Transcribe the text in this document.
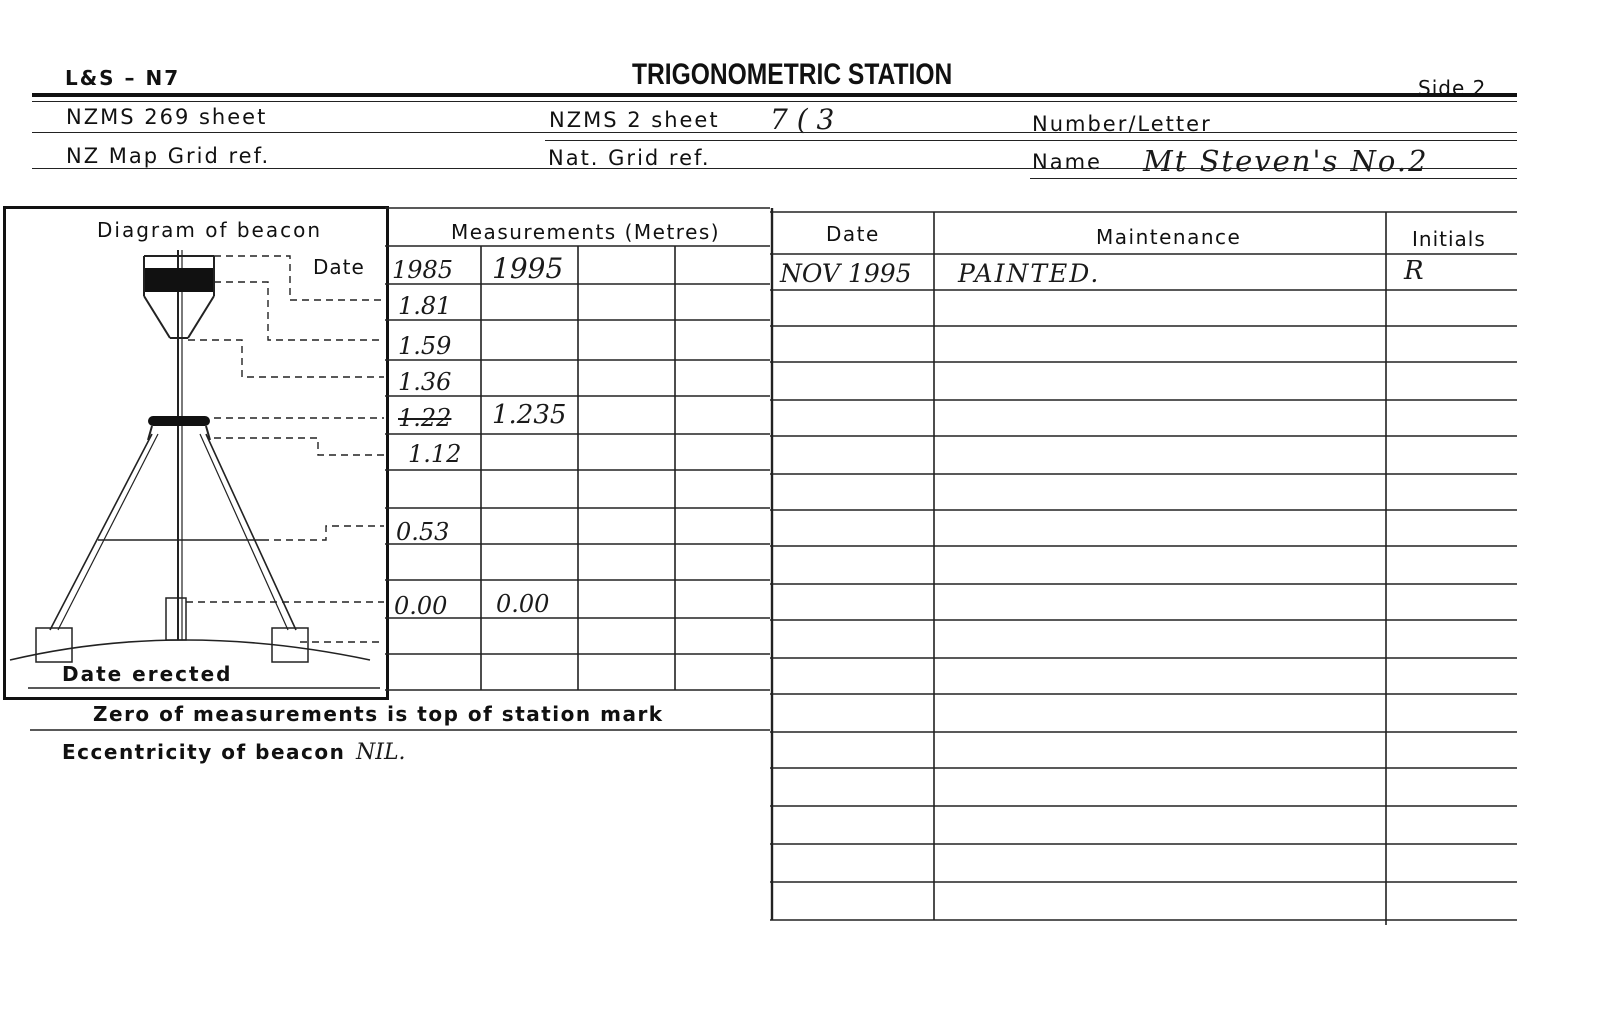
L&S – N7	TRIGONOMETRIC STATION	Side 2
NZMS 269 sheet	NZMS 2 sheet 7 ( 3	Number/Letter
NZ Map Grid ref.	Nat. Grid ref.	Name Mt Steven's No.2
Diagram of beacon
Date
Date erected
Measurements (Metres)
1985 1995
1.81
1.59
1.36
1.22 1.235
1.12
0.53
0.00 0.00
Date	Maintenance	Initials
NOV 1995 PAINTED.	R
Zero of measurements is top of station mark
Eccentricity of beacon NIL.
